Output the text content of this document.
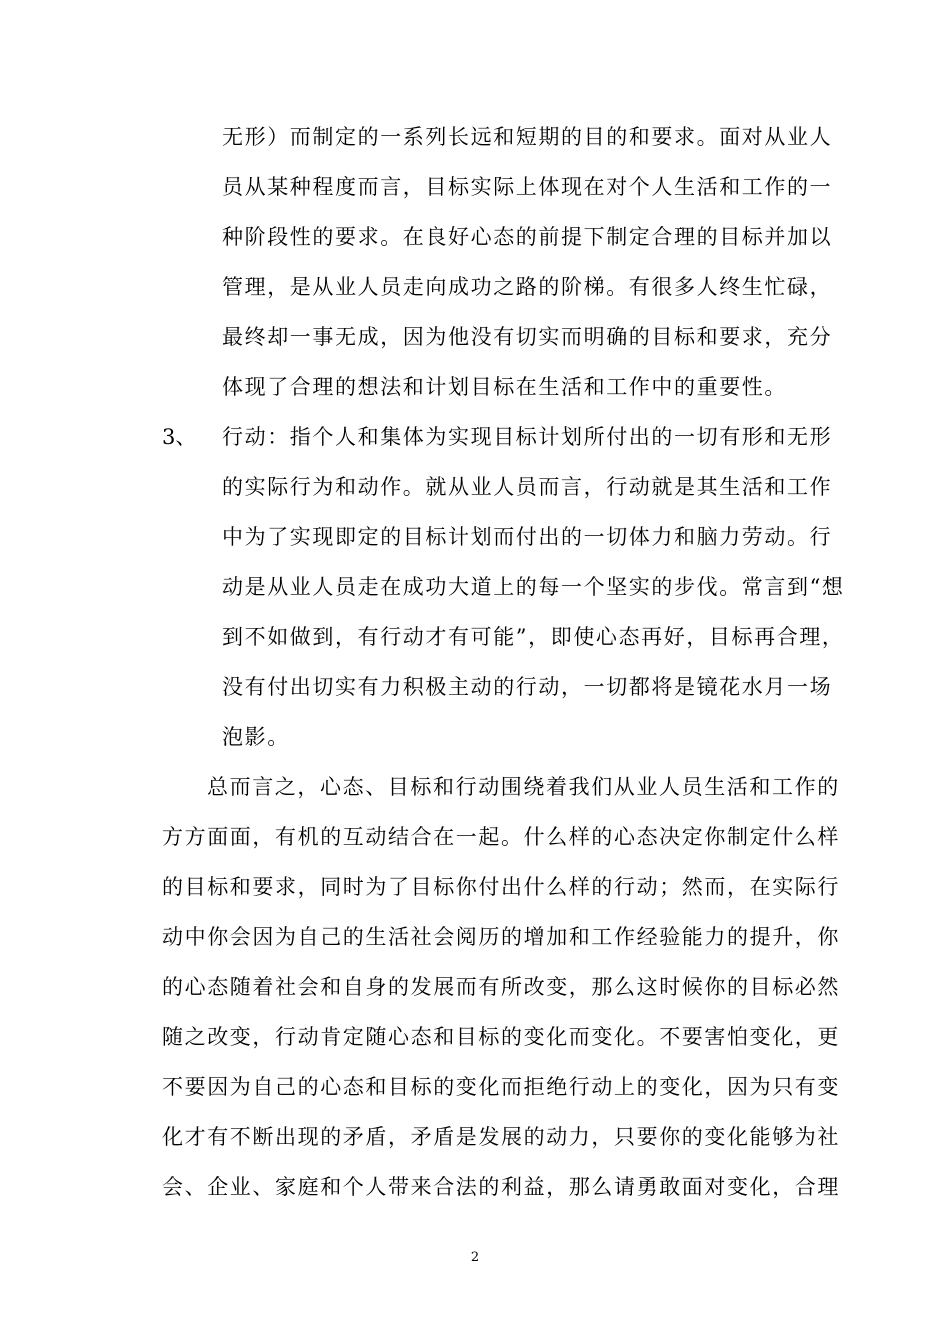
无形）而制定的一系列长远和短期的目的和要求。面对从业人
员从某种程度而言，目标实际上体现在对个人生活和工作的一
种阶段性的要求。在良好心态的前提下制定合理的目标并加以
管理，是从业人员走向成功之路的阶梯。有很多人终生忙碌，
最终却一事无成，因为他没有切实而明确的目标和要求，充分
体现了合理的想法和计划目标在生活和工作中的重要性。
3、 行动：指个人和集体为实现目标计划所付出的一切有形和无形
的实际行为和动作。就从业人员而言，行动就是其生活和工作
中为了实现即定的目标计划而付出的一切体力和脑力劳动。行
动是从业人员走在成功大道上的每一个坚实的步伐。常言到“想
到不如做到，有行动才有可能”，即使心态再好，目标再合理，
没有付出切实有力积极主动的行动，一切都将是镜花水月一场
泡影。
总而言之，心态、目标和行动围绕着我们从业人员生活和工作的
方方面面，有机的互动结合在一起。什么样的心态决定你制定什么样
的目标和要求，同时为了目标你付出什么样的行动；然而，在实际行
动中你会因为自己的生活社会阅历的增加和工作经验能力的提升，你
的心态随着社会和自身的发展而有所改变，那么这时候你的目标必然
随之改变，行动肯定随心态和目标的变化而变化。不要害怕变化，更
不要因为自己的心态和目标的变化而拒绝行动上的变化，因为只有变
化才有不断出现的矛盾，矛盾是发展的动力，只要你的变化能够为社
会、企业、家庭和个人带来合法的利益，那么请勇敢面对变化，合理
2
